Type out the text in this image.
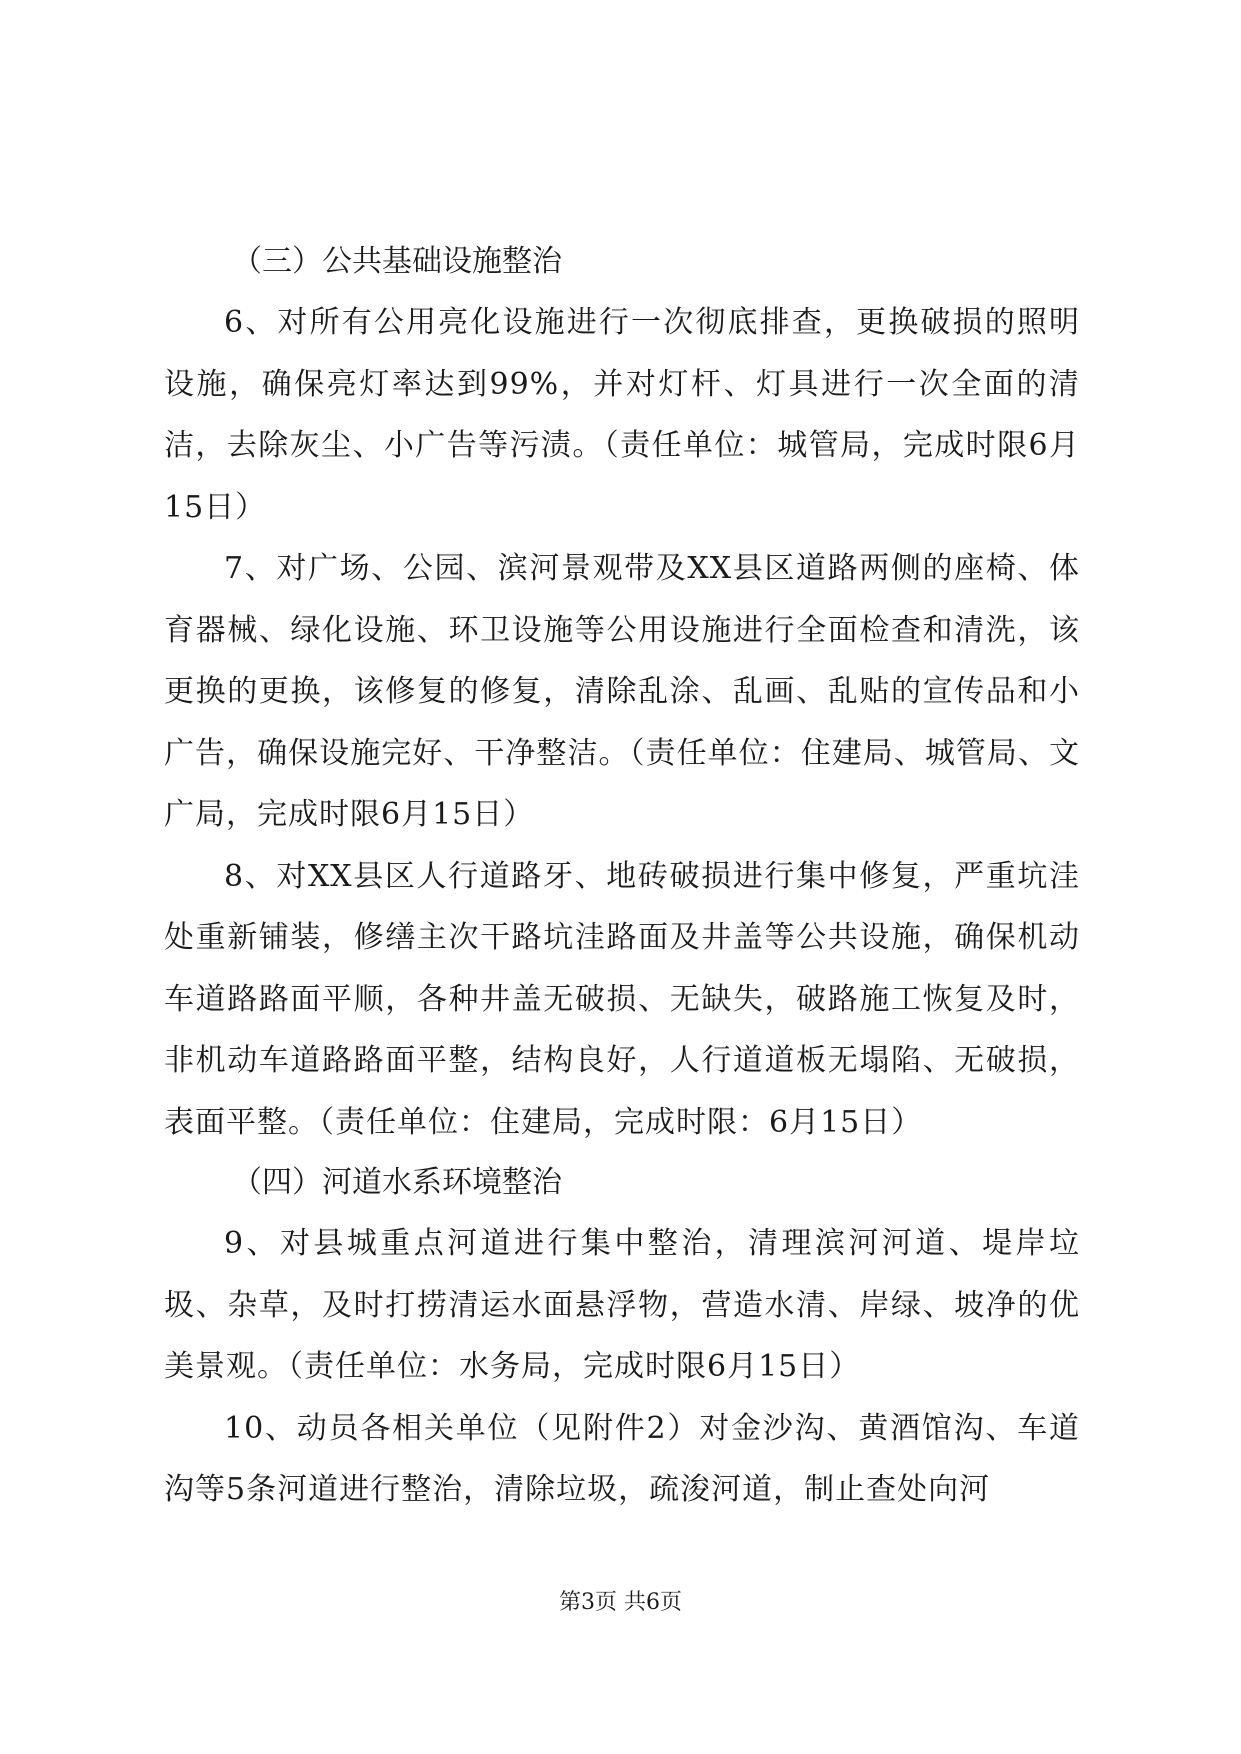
（三）公共基础设施整治

6、对所有公用亮化设施进行一次彻底排查，更换破损的照明设施，确保亮灯率达到99%，并对灯杆、灯具进行一次全面的清洁，去除灰尘、小广告等污渍。（责任单位：城管局，完成时限6月15日）

7、对广场、公园、滨河景观带及XX县区道路两侧的座椅、体育器械、绿化设施、环卫设施等公用设施进行全面检查和清洗，该更换的更换，该修复的修复，清除乱涂、乱画、乱贴的宣传品和小广告，确保设施完好、干净整洁。（责任单位：住建局、城管局、文广局，完成时限6月15日）

8、对XX县区人行道路牙、地砖破损进行集中修复，严重坑洼处重新铺装，修缮主次干路坑洼路面及井盖等公共设施，确保机动车道路路面平顺，各种井盖无破损、无缺失，破路施工恢复及时，非机动车道路路面平整，结构良好，人行道道板无塌陷、无破损，表面平整。（责任单位：住建局，完成时限：6月15日）

（四）河道水系环境整治

9、对县城重点河道进行集中整治，清理滨河河道、堤岸垃圾、杂草，及时打捞清运水面悬浮物，营造水清、岸绿、坡净的优美景观。（责任单位：水务局，完成时限6月15日）

10、动员各相关单位（见附件2）对金沙沟、黄酒馆沟、车道沟等5条河道进行整治，清除垃圾，疏浚河道，制止查处向河

第3页 共6页
